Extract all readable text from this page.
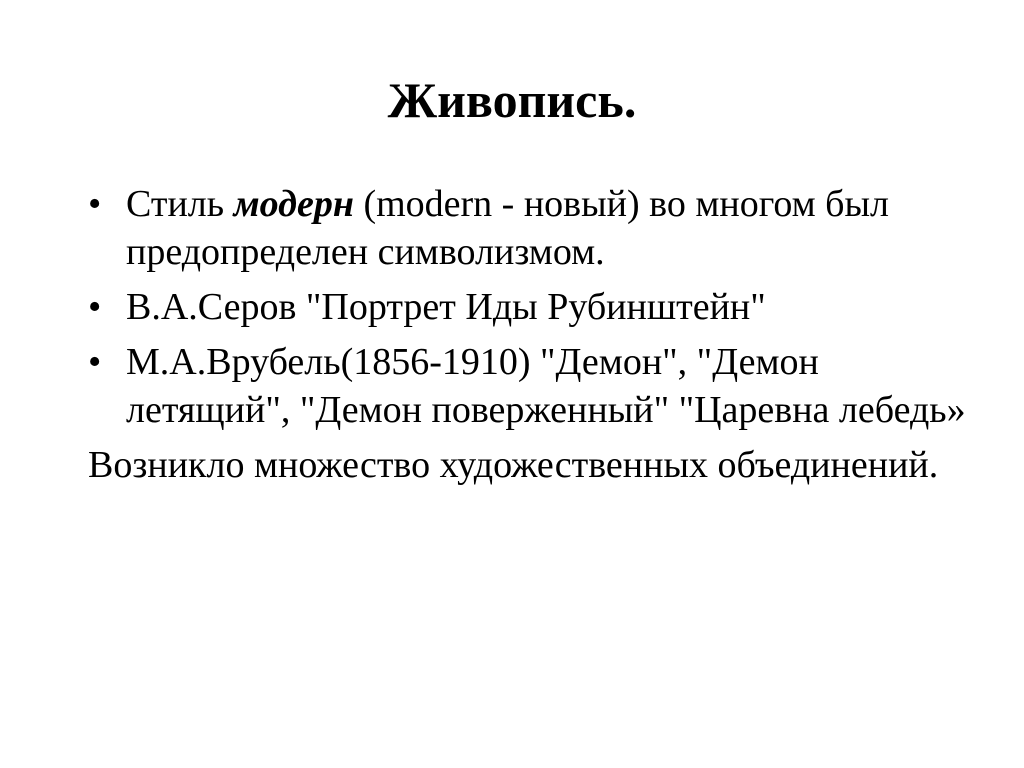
Живопись.
• Стиль модерн (modern - новый) во многом был предопределен символизмом.
• В.А.Серов "Портрет Иды Рубинштейн"
• М.А.Врубель(1856-1910) "Демон", "Демон летящий", "Демон поверженный" "Царевна лебедь»

Возникло множество художественных объединений.
